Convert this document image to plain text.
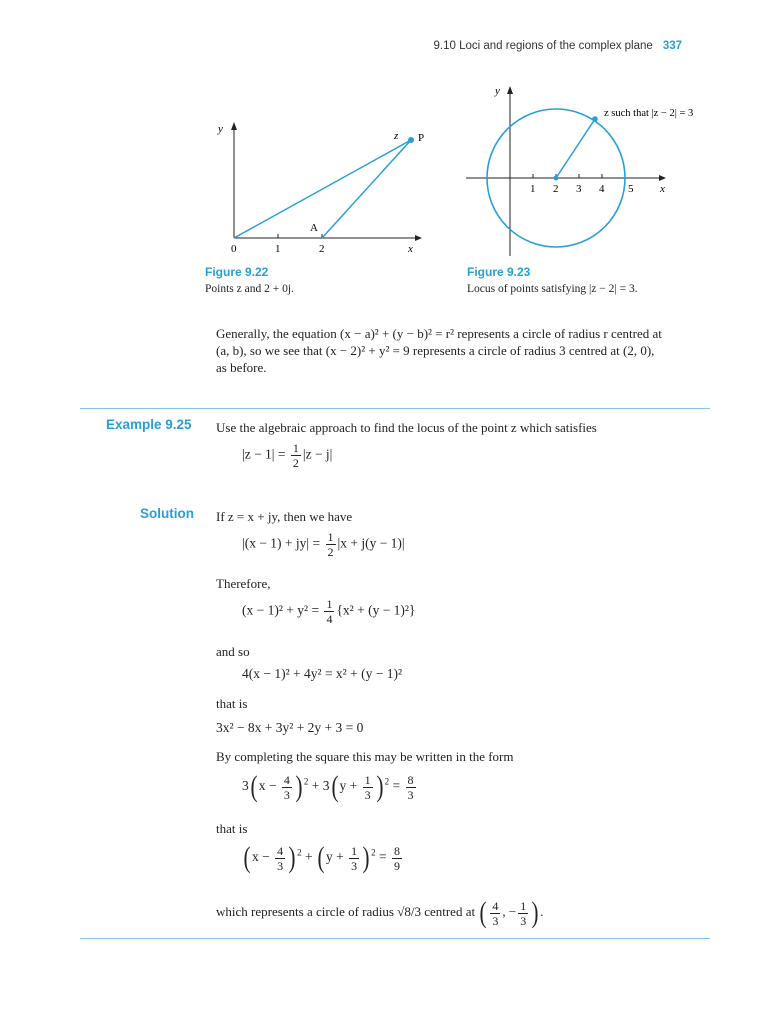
9.10 Loci and regions of the complex plane 337
y
x
0	1	2
z P
A
Figure 9.22
Points z and 2 + 0j.
y
x
1 2 3 4 5
z such that |z − 2| = 3
Figure 9.23
Locus of points satisfying |z − 2| = 3.
Generally, the equation (x − a)² + (y − b)² = r² represents a circle of radius r centred at
(a, b), so we see that (x − 2)² + y² = 9 represents a circle of radius 3 centred at (2, 0),
as before.
Example 9.25 Use the algebraic approach to find the locus of the point z which satisfies
$|z - 1| = \frac{1}{2} |z - j|$
Solution If z = x + jy, then we have
$|(x - 1) + jy| = \frac{1}{2} |x + j(y - 1)|$
Therefore,
$(x - 1)^2 + y^2 = \frac{1}{4} \{x^2 + (y - 1)^2\}$
and so
4(x − 1)² + 4y² = x² + (y − 1)²
that is
3x² − 8x + 3y² + 2y + 3 = 0
By completing the square this may be written in the form
3( $x - \frac{4}{3}$ ) $^2$ + 3( $y + \frac{1}{3}$ ) $^2 = \frac{8}{3}$
that is
( $x - \frac{4}{3}$ ) $^2$ + ( $y + \frac{1}{3}$ ) $^2 = \frac{8}{9}$
which represents a circle of radius √8/3 centred at ( $\frac{4}{3}$ , − $\frac{1}{3}$ ) .
